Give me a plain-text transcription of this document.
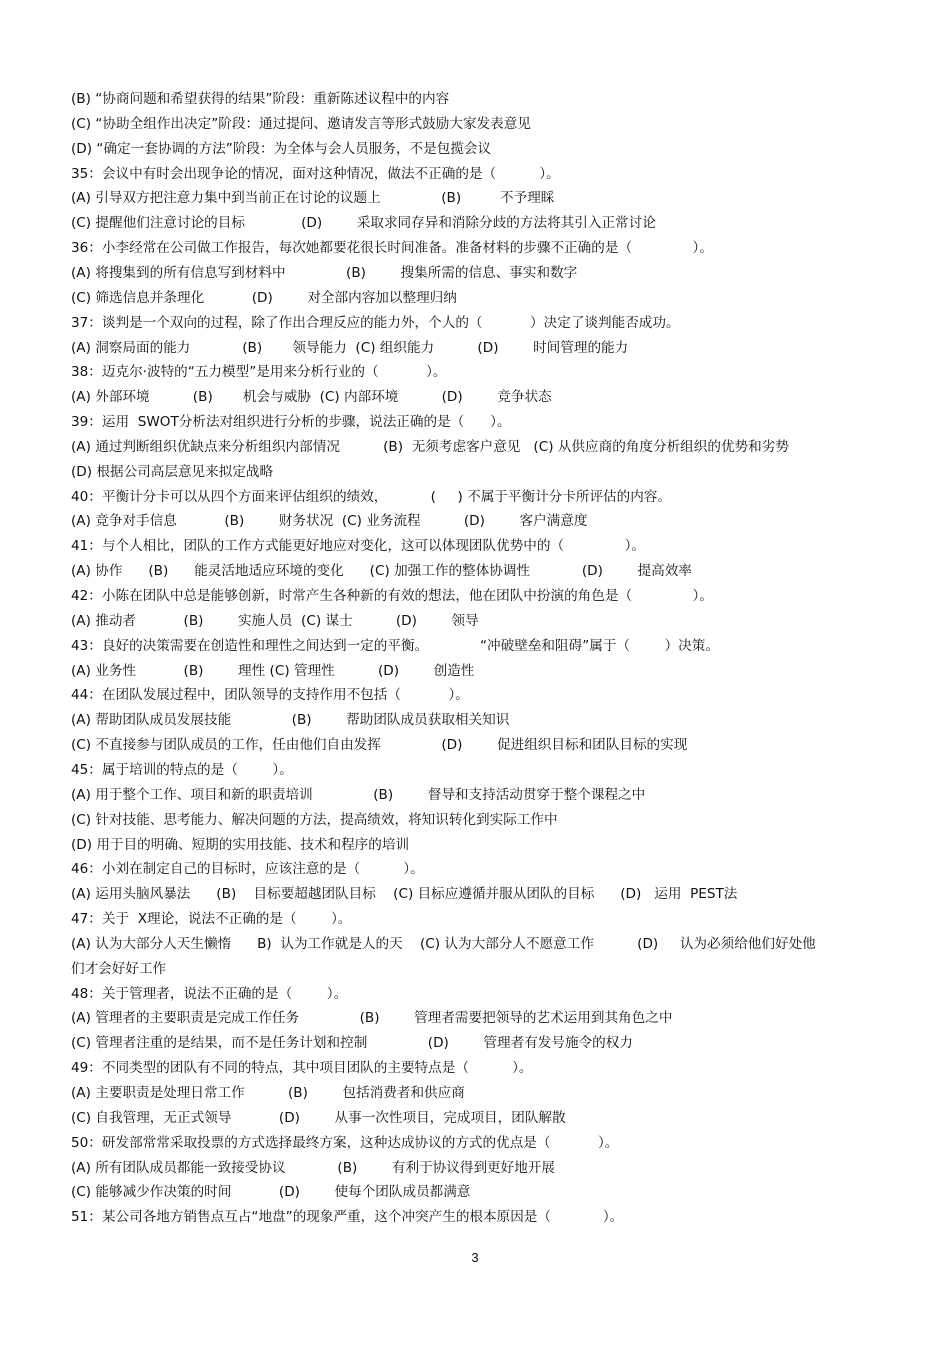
(B) “协商问题和希望获得的结果”阶段：重新陈述议程中的内容
(C) “协助全组作出决定”阶段：通过提问、邀请发言等形式鼓励大家发表意见
(D) “确定一套协调的方法”阶段：为全体与会人员服务，不是包揽会议
35：会议中有时会出现争论的情况，面对这种情况，做法不正确的是（          ）。
(A) 引导双方把注意力集中到当前正在讨论的议题上              (B)         不予理睬
(C) 提醒他们注意讨论的目标             (D)        采取求同存异和消除分歧的方法将其引入正常讨论
36：小李经常在公司做工作报告，每次她都要花很长时间准备。准备材料的步骤不正确的是（              ）。
(A) 将搜集到的所有信息写到材料中              (B)        搜集所需的信息、事实和数字
(C) 筛选信息并条理化           (D)        对全部内容加以整理归纳
37：谈判是一个双向的过程，除了作出合理反应的能力外，个人的（           ）决定了谈判能否成功。
(A) 洞察局面的能力            (B)       领导能力  (C) 组织能力          (D)        时间管理的能力
38：迈克尔·波特的“五力模型”是用来分析行业的（           ）。
(A) 外部环境          (B)       机会与威胁  (C) 内部环境          (D)        竞争状态
39：运用  SWOT分析法对组织进行分析的步骤，说法正确的是（      ）。
(A) 通过判断组织优缺点来分析组织内部情况          (B)  无须考虑客户意见   (C) 从供应商的角度分析组织的优势和劣势
(D) 根据公司高层意见来拟定战略
40：平衡计分卡可以从四个方面来评估组织的绩效，          (     ) 不属于平衡计分卡所评估的内容。
(A) 竞争对手信息           (B)        财务状况  (C) 业务流程          (D)        客户满意度
41：与个人相比，团队的工作方式能更好地应对变化，这可以体现团队优势中的（              ）。
(A) 协作      (B)      能灵活地适应环境的变化      (C) 加强工作的整体协调性            (D)        提高效率
42：小陈在团队中总是能够创新，时常产生各种新的有效的想法，他在团队中扮演的角色是（              ）。
(A) 推动者           (B)        实施人员  (C) 谋士          (D)        领导
43：良好的决策需要在创造性和理性之间达到一定的平衡。            “冲破壁垒和阻碍”属于（        ）决策。
(A) 业务性           (B)        理性 (C) 管理性          (D)        创造性
44：在团队发展过程中，团队领导的支持作用不包括（           ）。
(A) 帮助团队成员发展技能              (B)        帮助团队成员获取相关知识
(C) 不直接参与团队成员的工作，任由他们自由发挥              (D)        促进组织目标和团队目标的实现
45：属于培训的特点的是（        ）。
(A) 用于整个工作、项目和新的职责培训              (B)        督导和支持活动贯穿于整个课程之中
(C) 针对技能、思考能力、解决问题的方法，提高绩效，将知识转化到实际工作中
(D) 用于目的明确、短期的实用技能、技术和程序的培训
46：小刘在制定自己的目标时，应该注意的是（          ）。
(A) 运用头脑风暴法      (B)    目标要超越团队目标    (C) 目标应遵循并服从团队的目标      (D)   运用  PEST法
47：关于  X理论，说法不正确的是（        ）。
(A) 认为大部分人天生懒惰      B)  认为工作就是人的天    (C) 认为大部分人不愿意工作          (D)     认为必须给他们好处他
们才会好好工作
48：关于管理者，说法不正确的是（        ）。
(A) 管理者的主要职责是完成工作任务              (B)        管理者需要把领导的艺术运用到其角色之中
(C) 管理者注重的是结果，而不是任务计划和控制              (D)        管理者有发号施令的权力
49：不同类型的团队有不同的特点，其中项目团队的主要特点是（          ）。
(A) 主要职责是处理日常工作          (B)        包括消费者和供应商
(C) 自我管理，无正式领导           (D)        从事一次性项目，完成项目，团队解散
50：研发部常常采取投票的方式选择最终方案，这种达成协议的方式的优点是（           ）。
(A) 所有团队成员都能一致接受协议            (B)        有利于协议得到更好地开展
(C) 能够减少作决策的时间           (D)        使每个团队成员都满意
51：某公司各地方销售点互占“地盘”的现象严重，这个冲突产生的根本原因是（            ）。
3
